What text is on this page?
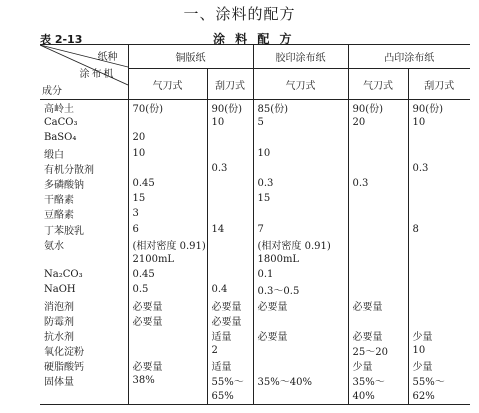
一、涂料的配方
表 2-13	涂 料 配 方
纸种
涂布机
成分	铜版纸		胶印涂布纸	凸印涂布纸	
	气刀式	刮刀式	气刀式	气刀式	刮刀式
高岭土	70(份)	90(份)	85(份)	90(份)	90(份)
CaCO₃		10	5	20	10
BaSO₄	20				
缎白	10		10		
有机分散剂		0.3			0.3
多磷酸钠	0.45		0.3	0.3	
干酪素	15		15		
豆酪素	3				
丁苯胶乳	6	14	7		8
氨水	(相对密度 0.91)		(相对密度 0.91)		
	2100mL		1800mL		
Na₂CO₃	0.45		0.1		
NaOH	0.5	0.4	0.3～0.5		
消泡剂	必要量	必要量	必要量	必要量	
防霉剂	必要量	必要量			
抗水剂		适量	必要量	必要量	少量
氧化淀粉		2		25～20	10
硬脂酸钙	必要量	适量		少量	少量
固体量	38%	55%～	35%～40%	35%～	55%～
		65%		40%	62%
